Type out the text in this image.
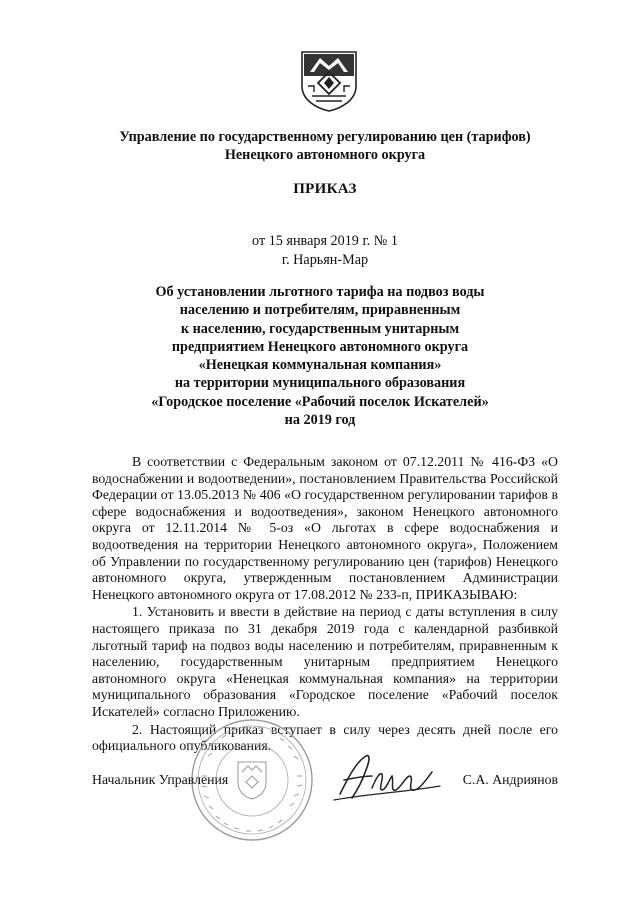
Управление по государственному регулированию цен (тарифов)
Ненецкого автономного округа
ПРИКАЗ
от 15 января 2019 г. № 1
г. Нарьян-Мар
Об установлении льготного тарифа на подвоз воды
населению и потребителям, приравненным
к населению, государственным унитарным
предприятием Ненецкого автономного округа
«Ненецкая коммунальная компания»
на территории муниципального образования
«Городское поселение «Рабочий поселок Искателей»
на 2019 год

В соответствии с Федеральным законом от 07.12.2011 № 416-ФЗ «О водоснабжении и водоотведении», постановлением Правительства Российской Федерации от 13.05.2013 № 406 «О государственном регулировании тарифов в сфере водоснабжения и водоотведения», законом Ненецкого автономного округа от 12.11.2014 № 5-оз «О льготах в сфере водоснабжения и водоотведения на территории Ненецкого автономного округа», Положением об Управлении по государственному регулированию цен (тарифов) Ненецкого автономного округа, утвержденным постановлением Администрации Ненецкого автономного округа от 17.08.2012 № 233-п, ПРИКАЗЫВАЮ:

1. Установить и ввести в действие на период с даты вступления в силу настоящего приказа по 31 декабря 2019 года с календарной разбивкой льготный тариф на подвоз воды населению и потребителям, приравненным к населению, государственным унитарным предприятием Ненецкого автономного округа «Ненецкая коммунальная компания» на территории муниципального образования «Городское поселение «Рабочий поселок Искателей» согласно Приложению.

2. Настоящий приказ вступает в силу через десять дней после его официального опубликования.

Начальник Управления	С.А. Андриянов
